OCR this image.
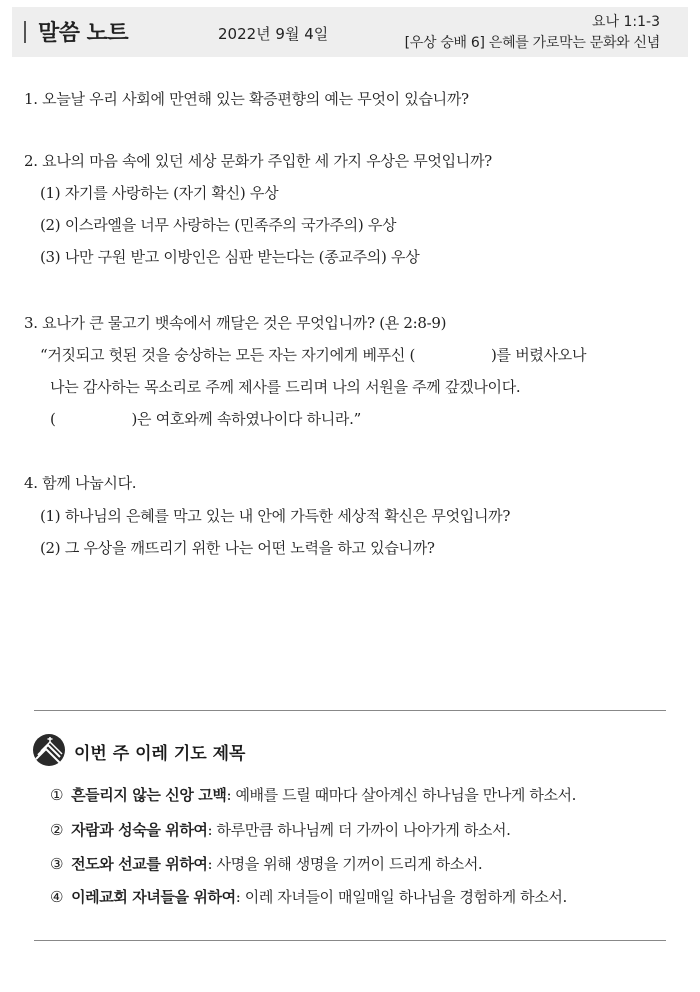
말씀 노트	2022년 9월 4일
요나 1:1-3
[우상 숭배 6] 은혜를 가로막는 문화와 신념
1. 오늘날 우리 사회에 만연해 있는 확증편향의 예는 무엇이 있습니까?
2. 요나의 마음 속에 있던 세상 문화가 주입한 세 가지 우상은 무엇입니까?
(1) 자기를 사랑하는 (자기 확신) 우상
(2) 이스라엘을 너무 사랑하는 (민족주의 국가주의) 우상
(3) 나만 구원 받고 이방인은 심판 받는다는 (종교주의) 우상
3. 요나가 큰 물고기 뱃속에서 깨달은 것은 무엇입니까? (욘 2:8-9)
“거짓되고 헛된 것을 숭상하는 모든 자는 자기에게 베푸신 (                 )를 버렸사오나
나는 감사하는 목소리로 주께 제사를 드리며 나의 서원을 주께 갚겠나이다.
(                 )은 여호와께 속하였나이다 하니라.”
4. 함께 나눕시다.
(1) 하나님의 은혜를 막고 있는 내 안에 가득한 세상적 확신은 무엇입니까?
(2) 그 우상을 깨뜨리기 위한 나는 어떤 노력을 하고 있습니까?
이번 주 이레 기도 제목
① 흔들리지 않는 신앙 고백: 예배를 드릴 때마다 살아계신 하나님을 만나게 하소서.
② 자람과 성숙을 위하여: 하루만큼 하나님께 더 가까이 나아가게 하소서.
③ 전도와 선교를 위하여: 사명을 위해 생명을 기꺼이 드리게 하소서.
④ 이레교회 자녀들을 위하여: 이레 자녀들이 매일매일 하나님을 경험하게 하소서.
